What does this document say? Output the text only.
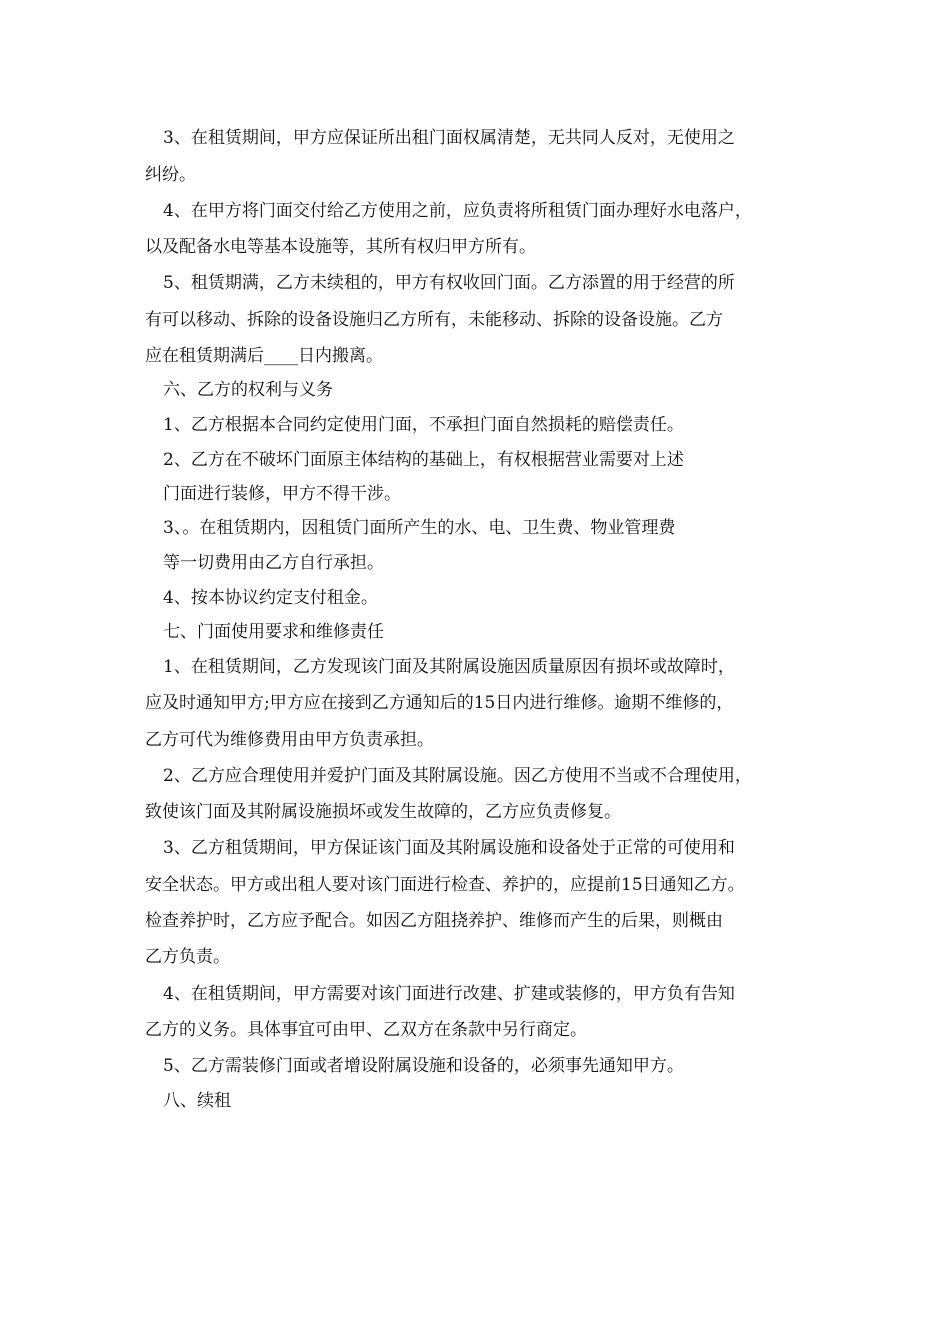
3、在租赁期间，甲方应保证所出租门面权属清楚，无共同人反对，无使用之
纠纷。
4、在甲方将门面交付给乙方使用之前，应负责将所租赁门面办理好水电落户，
以及配备水电等基本设施等，其所有权归甲方所有。
5、租赁期满，乙方未续租的，甲方有权收回门面。乙方添置的用于经营的所
有可以移动、拆除的设备设施归乙方所有，未能移动、拆除的设备设施。乙方
应在租赁期满后____日内搬离。
六、乙方的权利与义务
1、乙方根据本合同约定使用门面，不承担门面自然损耗的赔偿责任。
2、乙方在不破坏门面原主体结构的基础上，有权根据营业需要对上述
门面进行装修，甲方不得干涉。
3、。在租赁期内，因租赁门面所产生的水、电、卫生费、物业管理费
等一切费用由乙方自行承担。
4、按本协议约定支付租金。
七、门面使用要求和维修责任
1、在租赁期间，乙方发现该门面及其附属设施因质量原因有损坏或故障时，
应及时通知甲方;甲方应在接到乙方通知后的15日内进行维修。逾期不维修的，
乙方可代为维修费用由甲方负责承担。
2、乙方应合理使用并爱护门面及其附属设施。因乙方使用不当或不合理使用，
致使该门面及其附属设施损坏或发生故障的，乙方应负责修复。
3、乙方租赁期间，甲方保证该门面及其附属设施和设备处于正常的可使用和
安全状态。甲方或出租人要对该门面进行检查、养护的，应提前15日通知乙方。
检查养护时，乙方应予配合。如因乙方阻挠养护、维修而产生的后果，则概由
乙方负责。
4、在租赁期间，甲方需要对该门面进行改建、扩建或装修的，甲方负有告知
乙方的义务。具体事宜可由甲、乙双方在条款中另行商定。
5、乙方需装修门面或者增设附属设施和设备的，必须事先通知甲方。
八、续租
